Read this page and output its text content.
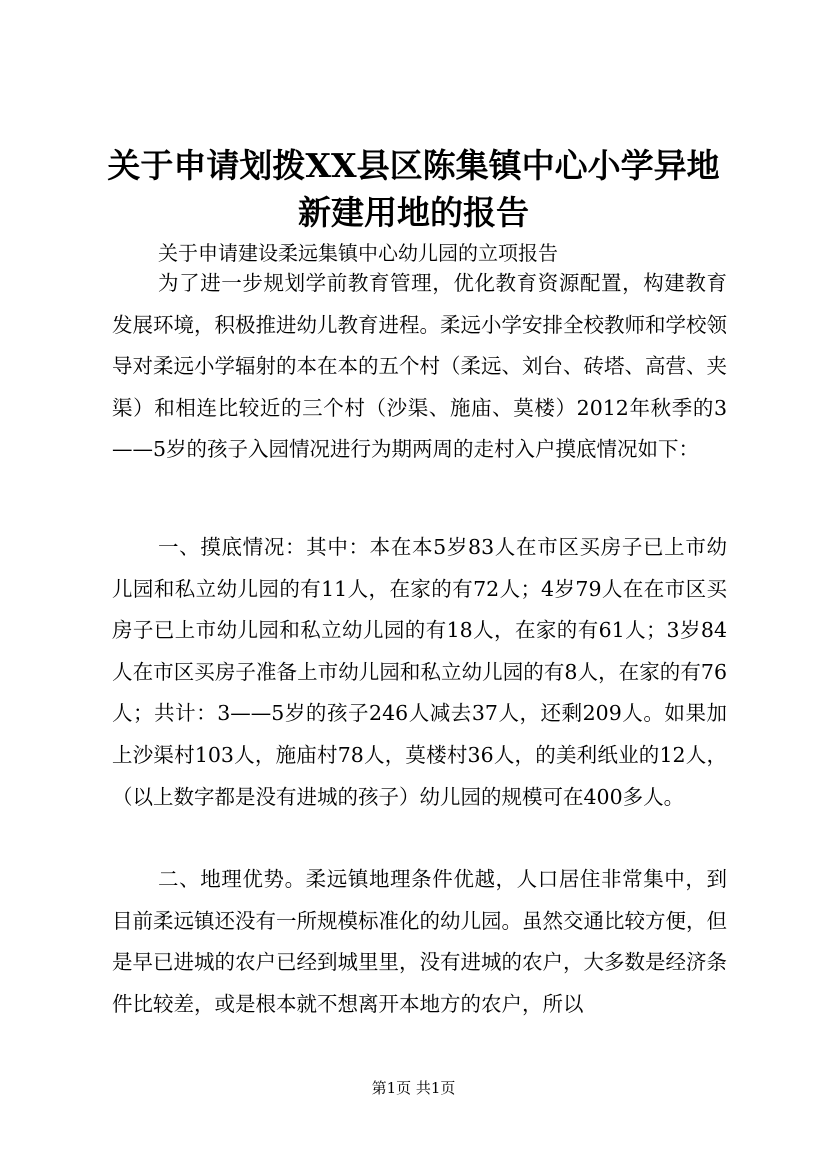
关于申请划拨XX县区陈集镇中心小学异地新建用地的报告

关于申请建设柔远集镇中心幼儿园的立项报告

为了进一步规划学前教育管理，优化教育资源配置，构建教育发展环境，积极推进幼儿教育进程。柔远小学安排全校教师和学校领导对柔远小学辐射的本在本的五个村（柔远、刘台、砖塔、高营、夹渠）和相连比较近的三个村（沙渠、施庙、莫楼）2012年秋季的3——5岁的孩子入园情况进行为期两周的走村入户摸底情况如下：

一、摸底情况：其中：本在本5岁83人在市区买房子已上市幼儿园和私立幼儿园的有11人，在家的有72人；4岁79人在在市区买房子已上市幼儿园和私立幼儿园的有18人，在家的有61人；3岁84人在市区买房子准备上市幼儿园和私立幼儿园的有8人，在家的有76人；共计：3——5岁的孩子246人减去37人，还剩209人。如果加上沙渠村103人，施庙村78人，莫楼村36人，的美利纸业的12人，（以上数字都是没有进城的孩子）幼儿园的规模可在400多人。

二、地理优势。柔远镇地理条件优越，人口居住非常集中，到目前柔远镇还没有一所规模标准化的幼儿园。虽然交通比较方便，但是早已进城的农户已经到城里里，没有进城的农户，大多数是经济条件比较差，或是根本就不想离开本地方的农户，所以

第1页 共1页
